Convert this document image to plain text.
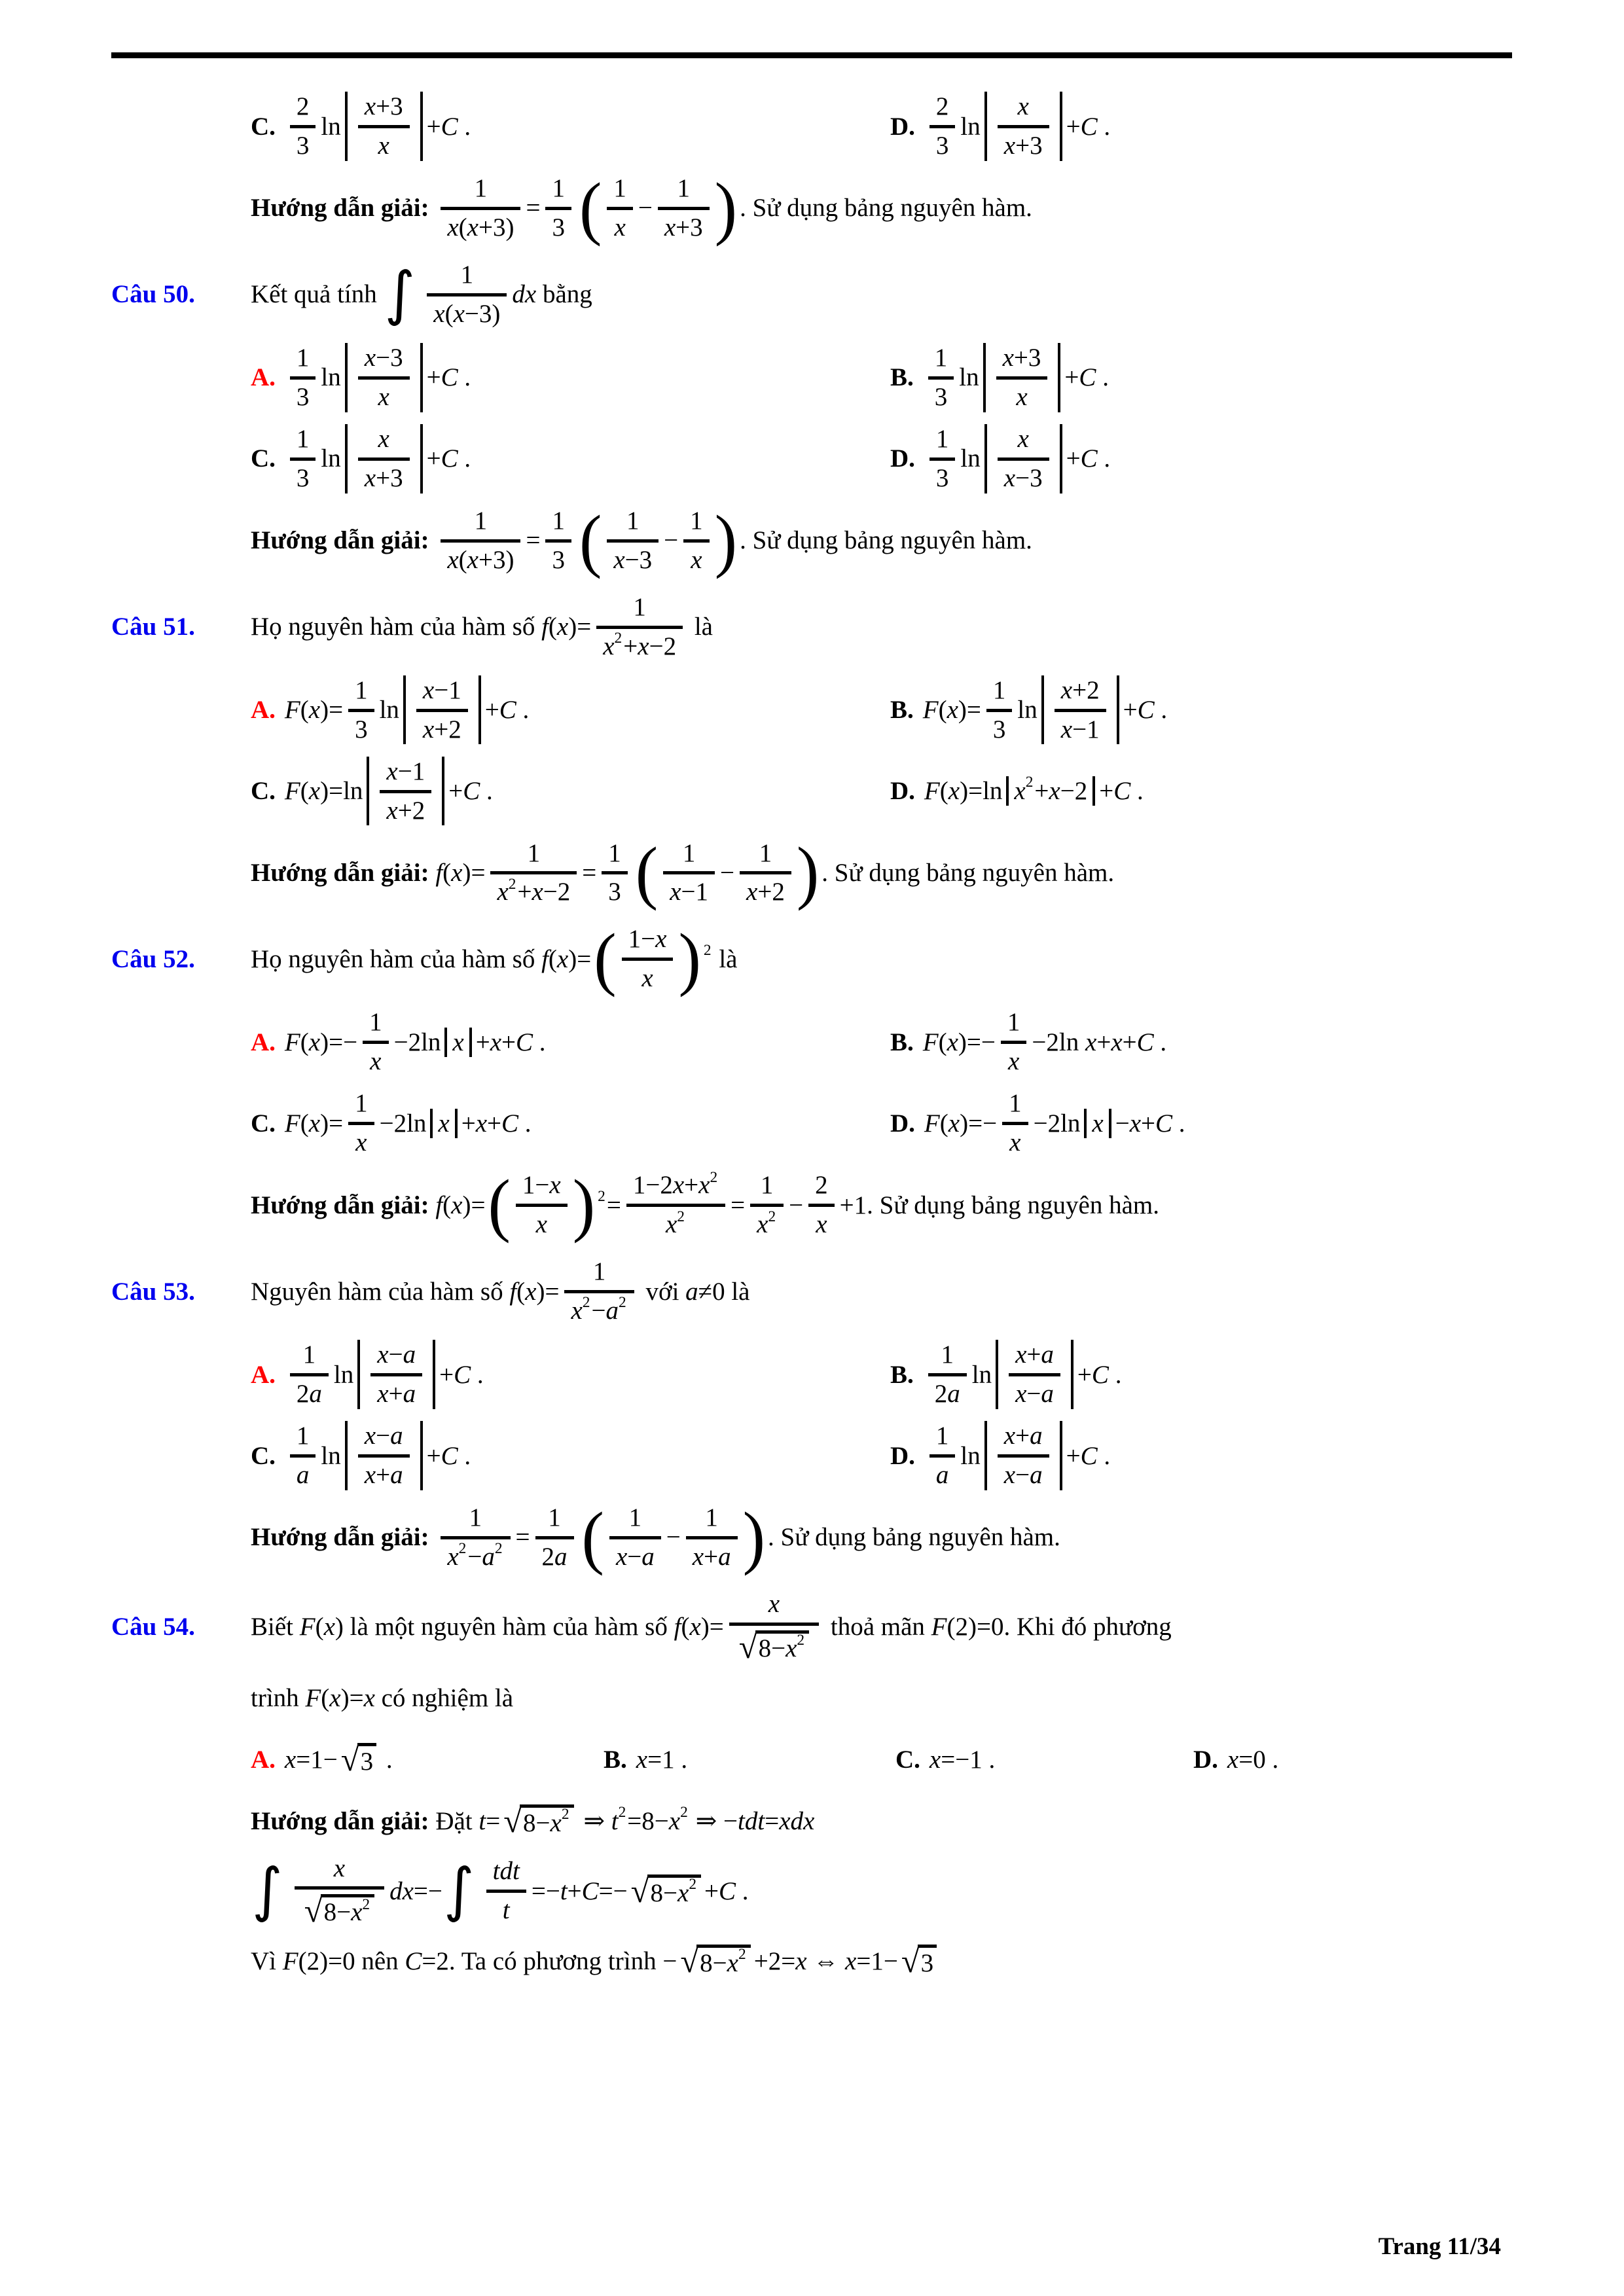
C. $\frac{2}{3}$ $\ln \frac{x+3}{x} +C$ .	D. $\frac{2}{3}$ $\ln \frac{x}{x+3} +C$ .
Hướng dẫn giải: $\frac{1}{x(x+3)} = \frac{1}{3}$ ( $\frac{1}{x} - \frac{1}{x+3}$ ) . Sử dụng bảng nguyên hàm.
Câu 50.	Kết quả tính ∫ $\frac{1}{x(x-3)}$ dx bằng
A. $\frac{1}{3}$ $\ln \frac{x-3}{x} +C$ .	B. $\frac{1}{3}$ $\ln \frac{x+3}{x} +C$ .
C. $\frac{1}{3}$ $\ln \frac{x}{x+3} +C$ .	D. $\frac{1}{3}$ $\ln \frac{x}{x-3} +C$ .
Hướng dẫn giải: $\frac{1}{x(x+3)} = \frac{1}{3}$ ( $\frac{1}{x-3} - \frac{1}{x}$ ) . Sử dụng bảng nguyên hàm.
Câu 51.	Họ nguyên hàm của hàm số $f(x)= \frac{1}{x 2 +x-2}$ là
A. $F(x)= \frac{1}{3}$ $\ln \frac{x-1}{x+2} +C$ .	B. $F(x)= \frac{1}{3}$ $\ln \frac{x+2}{x-1} +C$ .
C. $F(x)= \ln \frac{x-1}{x+2} +C$ .	D. F(x)= ln x 2 +x−2 +C .
Hướng dẫn giải: $f(x)= \frac{1}{x 2 +x-2} = \frac{1}{3}$ ( $\frac{1}{x-1} - \frac{1}{x+2}$ ) . Sử dụng bảng nguyên hàm.
Câu 52.	Họ nguyên hàm của hàm số f(x)= ( $\frac{1-x}{x}$ ) 2 là
A. $F(x)=- \frac{1}{x} -2$ ln x +x+C .	B. $F(x)=- \frac{1}{x} -2$ ln x+x+C .
C. $F(x)= \frac{1}{x} -2$ ln x +x+C .	D. $F(x)=- \frac{1}{x} -2$ ln x −x+C .
Hướng dẫn giải: f(x)= ( $\frac{1-x}{x}$ ) $2 = \frac{1-2x+x 2}{x 2} = \frac{1}{x 2} - \frac{2}{x} +1$ . Sử dụng bảng nguyên hàm.
Câu 53.	Nguyên hàm của hàm số $f(x)= \frac{1}{x 2 -a 2}$ với a≠0 là
A. $\frac{1}{2a}$ $\ln \frac{x-a}{x+a} +C$ .	B. $\frac{1}{2a}$ $\ln \frac{x+a}{x-a} +C$ .
C. $\frac{1}{a}$ $\ln \frac{x-a}{x+a} +C$ .	D. $\frac{1}{a}$ $\ln \frac{x+a}{x-a} +C$ .
Hướng dẫn giải: $\frac{1}{x 2 -a 2} = \frac{1}{2a}$ ( $\frac{1}{x-a} - \frac{1}{x+a}$ ) . Sử dụng bảng nguyên hàm.
Câu 54.	Biết F(x) là một nguyên hàm của hàm số $f(x)= \frac{x}{√ 8-x 2}$ thoả mãn F(2)=0 . Khi đó phương
trình F(x)=x có nghiệm là
A. x=1− √ 3 .	B. x=1 .	C. x=−1 .	D. x=0 .
Hướng dẫn giải: Đặt t= √ 8−x 2 ⇒ t 2 =8−x 2 ⇒ −tdt=xdx
∫ $\frac{x}{√ 8-x 2} dx=-$ ∫ $\frac{\text{tdt}}{t} =-t+C=-$ √ 8−x 2 +C .
Vì F(2)=0 nên C=2 . Ta có phương trình − √ 8−x 2 +2=x ⇔ x=1− √ 3
Trang 11/34
